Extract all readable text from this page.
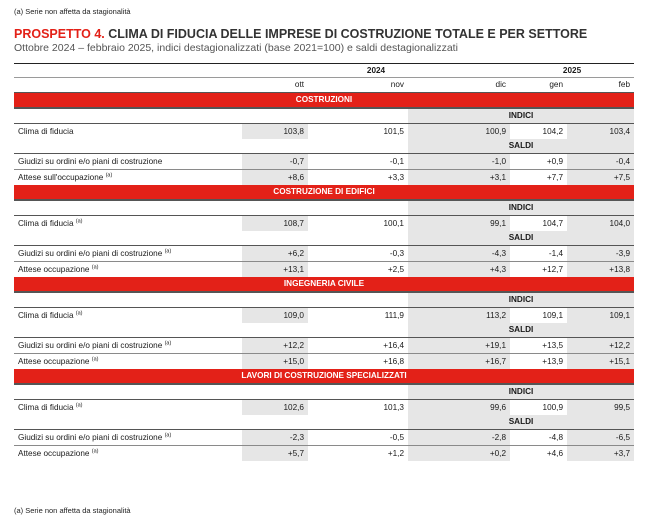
(a) Serie non affetta da stagionalità
PROSPETTO 4. CLIMA DI FIDUCIA DELLE IMPRESE DI COSTRUZIONE TOTALE E PER SETTORE
Ottobre 2024 – febbraio 2025, indici destagionalizzati (base 2021=100) e saldi destagionalizzati
	2024			2025	
	ott	nov	dic	gen	feb
COSTRUZIONI					
			INDICI		
Clima di fiducia	103,8	101,5	100,9	104,2	103,4
			SALDI		
Giudizi su ordini e/o piani di costruzione	-0,7	-0,1	-1,0	+0,9	-0,4
Attese sull'occupazione $^{(a)}$	+8,6	+3,3	+3,1	+7,7	+7,5
COSTRUZIONE DI EDIFICI					
			INDICI		
Clima di fiducia $^{(a)}$	108,7	100,1	99,1	104,7	104,0
			SALDI		
Giudizi su ordini e/o piani di costruzione $^{(a)}$	+6,2	-0,3	-4,3	-1,4	-3,9
Attese occupazione $^{(a)}$	+13,1	+2,5	+4,3	+12,7	+13,8
INGEGNERIA CIVILE					
			INDICI		
Clima di fiducia $^{(a)}$	109,0	111,9	113,2	109,1	109,1
			SALDI		
Giudizi su ordini e/o piani di costruzione $^{(a)}$	+12,2	+16,4	+19,1	+13,5	+12,2
Attese occupazione $^{(a)}$	+15,0	+16,8	+16,7	+13,9	+15,1
LAVORI DI COSTRUZIONE SPECIALIZZATI					
			INDICI		
Clima di fiducia $^{(a)}$	102,6	101,3	99,6	100,9	99,5
			SALDI		
Giudizi su ordini e/o piani di costruzione $^{(a)}$	-2,3	-0,5	-2,8	-4,8	-6,5
Attese occupazione $^{(a)}$	+5,7	+1,2	+0,2	+4,6	+3,7
(a) Serie non affetta da stagionalità
